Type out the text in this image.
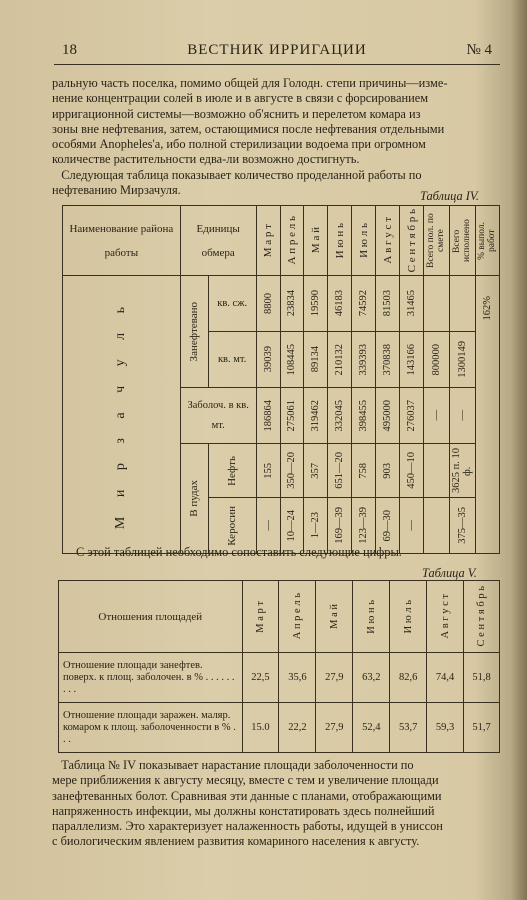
18	ВЕСТНИК ИРРИГАЦИИ	№ 4
ральную часть поселка, помимо общей для Голодн. степи причины—изме-
нение концентрации солей в июле и в августе в связи с форсированием
ирригационной системы—возможно об'яснить и перелетом комара из
зоны вне нефтевания, затем, остающимися после нефтевания отдельными
особями Anopheles'а, ибо полной стерилизации водоема при огромном
количестве растительности едва-ли возможно достигнуть.
Следующая таблица показывает количество проделанной работы по
нефтеванию Мирзачуля.	Таблица IV.
Наименование района работы	Единицы обмера		М а р т	А п р е л ь	М а й	И ю н ь	И ю л ь	А в г у с т	С е н т я б р ь	Всего пол. по смете	Всего исполнено	% выпол. работ

М и р з а ч у л ь	Занефтевано	кв. сж.	8800	23834	19590	46183	74592	81503	31465			162%

		кв. мт.	39039	108445	89134	210132	339393	370838	143166	800000	1300149	

	Заболоч. в кв. мт.		186864	275061	319462	332045	398455	495000	276037	—	—	

	В пудах	Нефть	155	350—20	357	651—20	758	903	450—10		3625 п. 10 ф.	

		Керосин	—	10—24	1—23	169—39	123—39	69—30	—		375—35	
С этой таблицей необходимо сопоставить следующие цифры.
Таблица V.
Отношения площадей	М а р т	А п р е л ь	М а й	И ю н ь	И ю л ь	А в г у с т	С е н т я б р ь

Отношение площади занефтев. поверх. к площ. заболочен. в % . . . . . . . . .	22,5	35,6	27,9	63,2	82,6	74,4	51,8
Отношение площади заражен. маляр. комаром к площ. заболоченности в % . . .	15.0	22,2	27,9	52,4	53,7	59,3	51,7
Таблица № IV показывает нарастание площади заболоченности по
мере приближения к августу месяцу, вместе с тем и увеличение площади
занефтеванных болот. Сравнивая эти данные с планами, отображающими
напряженность инфекции, мы должны констатировать здесь полнейший
параллелизм. Это характеризует налаженность работы, идущей в униссон
с биологическим явлением развития комариного населения к августу.
